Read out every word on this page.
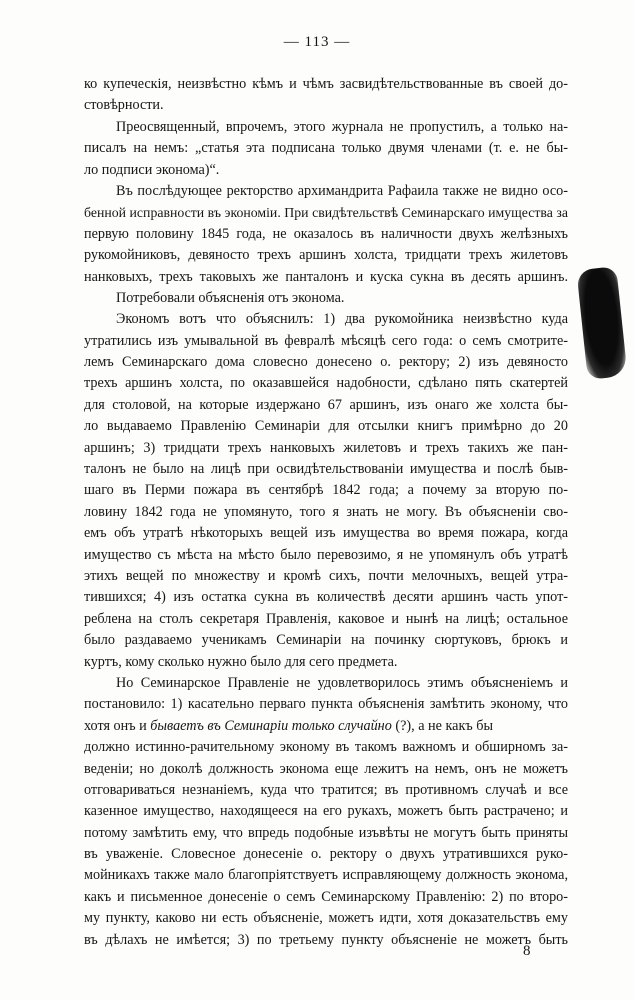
— 113 —
ко купеческія, неизвѣстно кѣмъ и чѣмъ засвидѣтельствованные въ своей до-
стовѣрности.
Преосвященный, впрочемъ, этого журнала не пропустилъ, а только на-
писалъ на немъ: „статья эта подписана только двумя членами (т. е. не бы-
ло подписи эконома)“.
Въ послѣдующее ректорство архимандрита Рафаила также не видно осо-
бенной исправности въ экономіи. При свидѣтельствѣ Семинарскаго имущества за
первую половину 1845 года, не оказалось въ наличности двухъ желѣзныхъ
рукомойниковъ, девяносто трехъ аршинъ холста, тридцати трехъ жилетовъ
нанковыхъ, трехъ таковыхъ же панталонъ и куска сукна въ десять аршинъ.
Потребовали объясненія отъ эконома.
Экономъ вотъ что объяснилъ: 1) два рукомойника неизвѣстно куда
утратились изъ умывальной въ февралѣ мѣсяцѣ сего года: о семъ смотрите-
лемъ Семинарскаго дома словесно донесено о. ректору; 2) изъ девяносто
трехъ аршинъ холста, по оказавшейся надобности, сдѣлано пять скатертей
для столовой, на которые издержано 67 аршинъ, изъ онаго же холста бы-
ло выдаваемо Правленію Семинаріи для отсылки книгъ примѣрно до 20
аршинъ; 3) тридцати трехъ нанковыхъ жилетовъ и трехъ такихъ же пан-
талонъ не было на лицѣ при освидѣтельствованіи имущества и послѣ быв-
шаго въ Перми пожара въ сентябрѣ 1842 года; а почему за вторую по-
ловину 1842 года не упомянуто, того я знать не могу. Въ объясненіи сво-
емъ объ утратѣ нѣкоторыхъ вещей изъ имущества во время пожара, когда
имущество съ мѣста на мѣсто было перевозимо, я не упомянулъ объ утратѣ
этихъ вещей по множеству и кромѣ сихъ, почти мелочныхъ, вещей утра-
тившихся; 4) изъ остатка сукна въ количествѣ десяти аршинъ часть упот-
реблена на столъ секретаря Правленія, каковое и нынѣ на лицѣ; остальное
было раздаваемо ученикамъ Семинаріи на починку сюртуковъ, брюкъ и
куртъ, кому сколько нужно было для сего предмета.
Но Семинарское Правленіе не удовлетворилось этимъ объясненіемъ и
постановило: 1) касательно перваго пункта объясненія замѣтить эконому, что
хотя онъ и бываетъ въ Семинаріи только случайно (?), а не какъ бы
должно истинно-рачительному эконому въ такомъ важномъ и обширномъ за-
веденіи; но доколѣ должность эконома еще лежитъ на немъ, онъ не можетъ
отговариваться незнаніемъ, куда что тратится; въ противномъ случаѣ и все
казенное имущество, находящееся на его рукахъ, можетъ быть растрачено; и
потому замѣтить ему, что впредь подобные изъвѣты не могутъ быть приняты
въ уваженіе. Словесное донесеніе о. ректору о двухъ утратившихся руко-
мойникахъ также мало благопріятствуетъ исправляющему должность эконома,
какъ и письменное донесеніе о семъ Семинарскому Правленію: 2) по второ-
му пункту, каково ни есть объясненіе, можетъ идти, хотя доказательствъ ему
въ дѣлахъ не имѣется; 3) по третьему пункту объясненіе не можетъ быть
8
